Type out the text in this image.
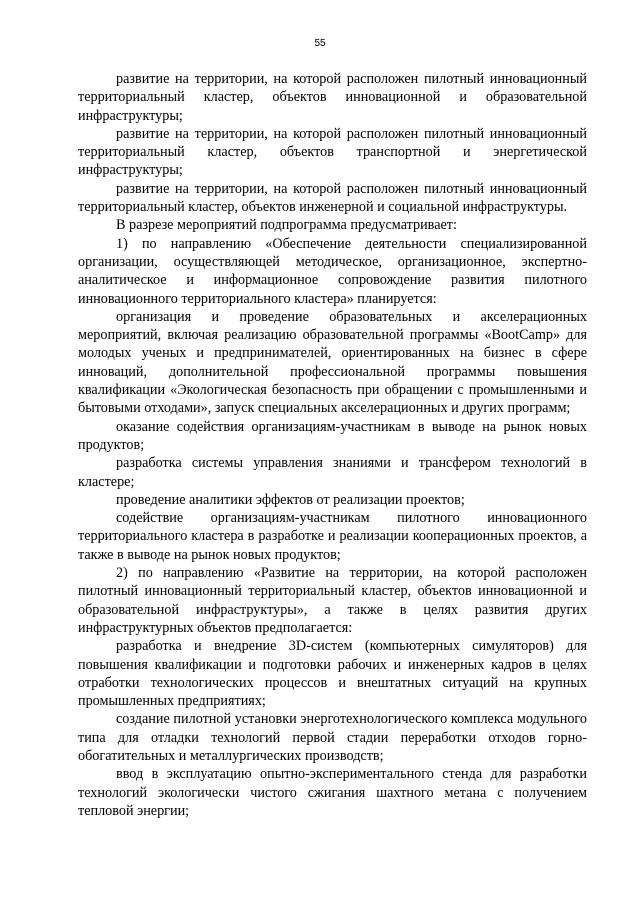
55

развитие на территории, на которой расположен пилотный инновационный территориальный кластер, объектов инновационной и образовательной инфраструктуры;

развитие на территории, на которой расположен пилотный инновационный территориальный кластер, объектов транспортной и энергетической инфраструктуры;

развитие на территории, на которой расположен пилотный инновационный территориальный кластер, объектов инженерной и социальной инфраструктуры.

В разрезе мероприятий подпрограмма предусматривает:

1) по направлению «Обеспечение деятельности специализированной организации, осуществляющей методическое, организационное, экспертно-аналитическое и информационное сопровождение развития пилотного инновационного территориального кластера» планируется:

организация и проведение образовательных и акселерационных мероприятий, включая реализацию образовательной программы «BootCamp» для молодых ученых и предпринимателей, ориентированных на бизнес в сфере инноваций, дополнительной профессиональной программы повышения квалификации «Экологическая безопасность при обращении с промышленными и бытовыми отходами», запуск специальных акселерационных и других программ;

оказание содействия организациям-участникам в выводе на рынок новых продуктов;

разработка системы управления знаниями и трансфером технологий в кластере;

проведение аналитики эффектов от реализации проектов;

содействие организациям-участникам пилотного инновационного территориального кластера в разработке и реализации кооперационных проектов, а также в выводе на рынок новых продуктов;

2) по направлению «Развитие на территории, на которой расположен пилотный инновационный территориальный кластер, объектов инновационной и образовательной инфраструктуры», а также в целях развития других инфраструктурных объектов предполагается:

разработка и внедрение 3D-систем (компьютерных симуляторов) для повышения квалификации и подготовки рабочих и инженерных кадров в целях отработки технологических процессов и внештатных ситуаций на крупных промышленных предприятиях;

создание пилотной установки энерготехнологического комплекса модульного типа для отладки технологий первой стадии переработки отходов горно-обогатительных и металлургических производств;

ввод в эксплуатацию опытно-экспериментального стенда для разработки технологий экологически чистого сжигания шахтного метана с получением тепловой энергии;
